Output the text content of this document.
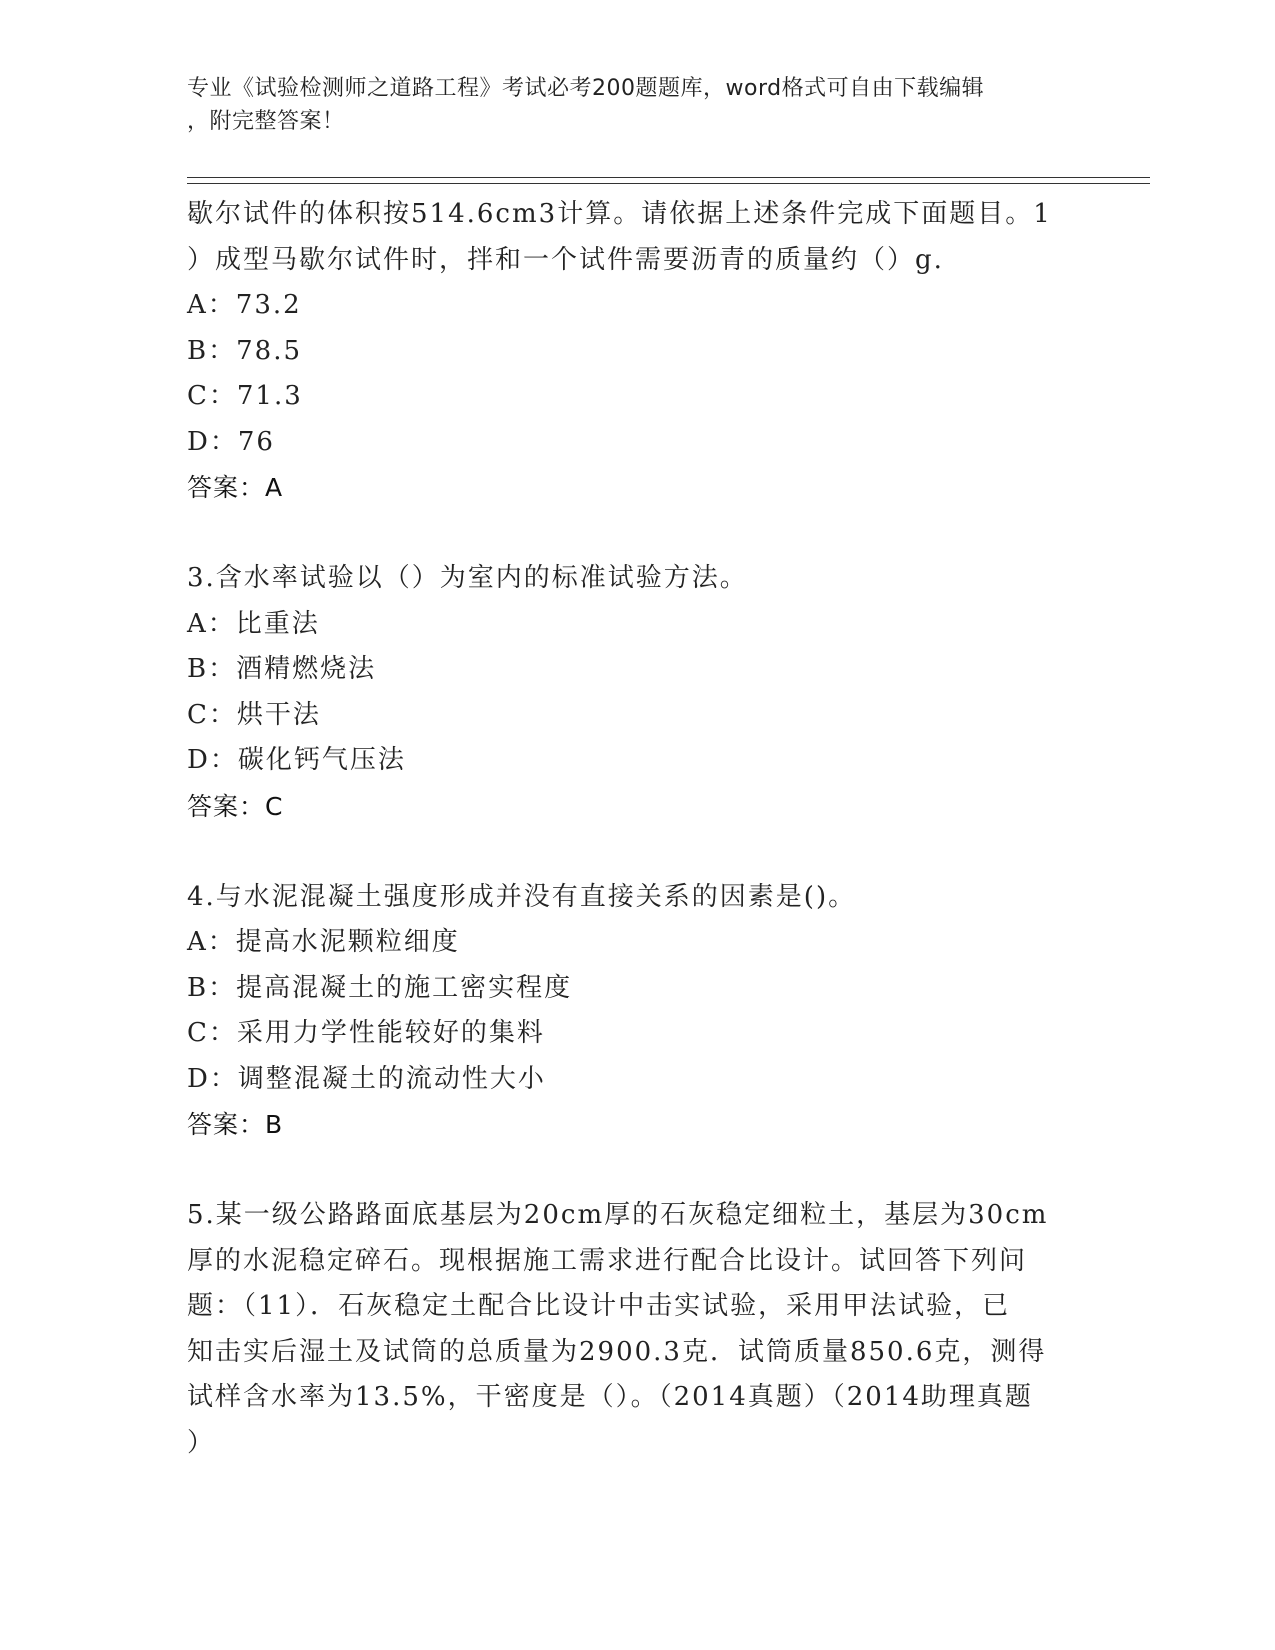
专业《试验检测师之道路工程》考试必考200题题库，word格式可自由下载编辑
，附完整答案！
歇尔试件的体积按514.6cm3计算。请依据上述条件完成下面题目。1
）成型马歇尔试件时，拌和一个试件需要沥青的质量约（）g.
A：73.2
B：78.5
C：71.3
D：76
答案：A
3.含水率试验以（）为室内的标准试验方法。
A：比重法
B：酒精燃烧法
C：烘干法
D：碳化钙气压法
答案：C
4.与水泥混凝土强度形成并没有直接关系的因素是()。
A：提高水泥颗粒细度
B：提高混凝土的施工密实程度
C：采用力学性能较好的集料
D：调整混凝土的流动性大小
答案：B
5.某一级公路路面底基层为20cm厚的石灰稳定细粒土，基层为30cm
厚的水泥稳定碎石。现根据施工需求进行配合比设计。试回答下列问
题：（11）．石灰稳定土配合比设计中击实试验，采用甲法试验，已
知击实后湿土及试筒的总质量为2900.3克．试筒质量850.6克，测得
试样含水率为13.5%，干密度是（）。（2014真题）（2014助理真题
）
